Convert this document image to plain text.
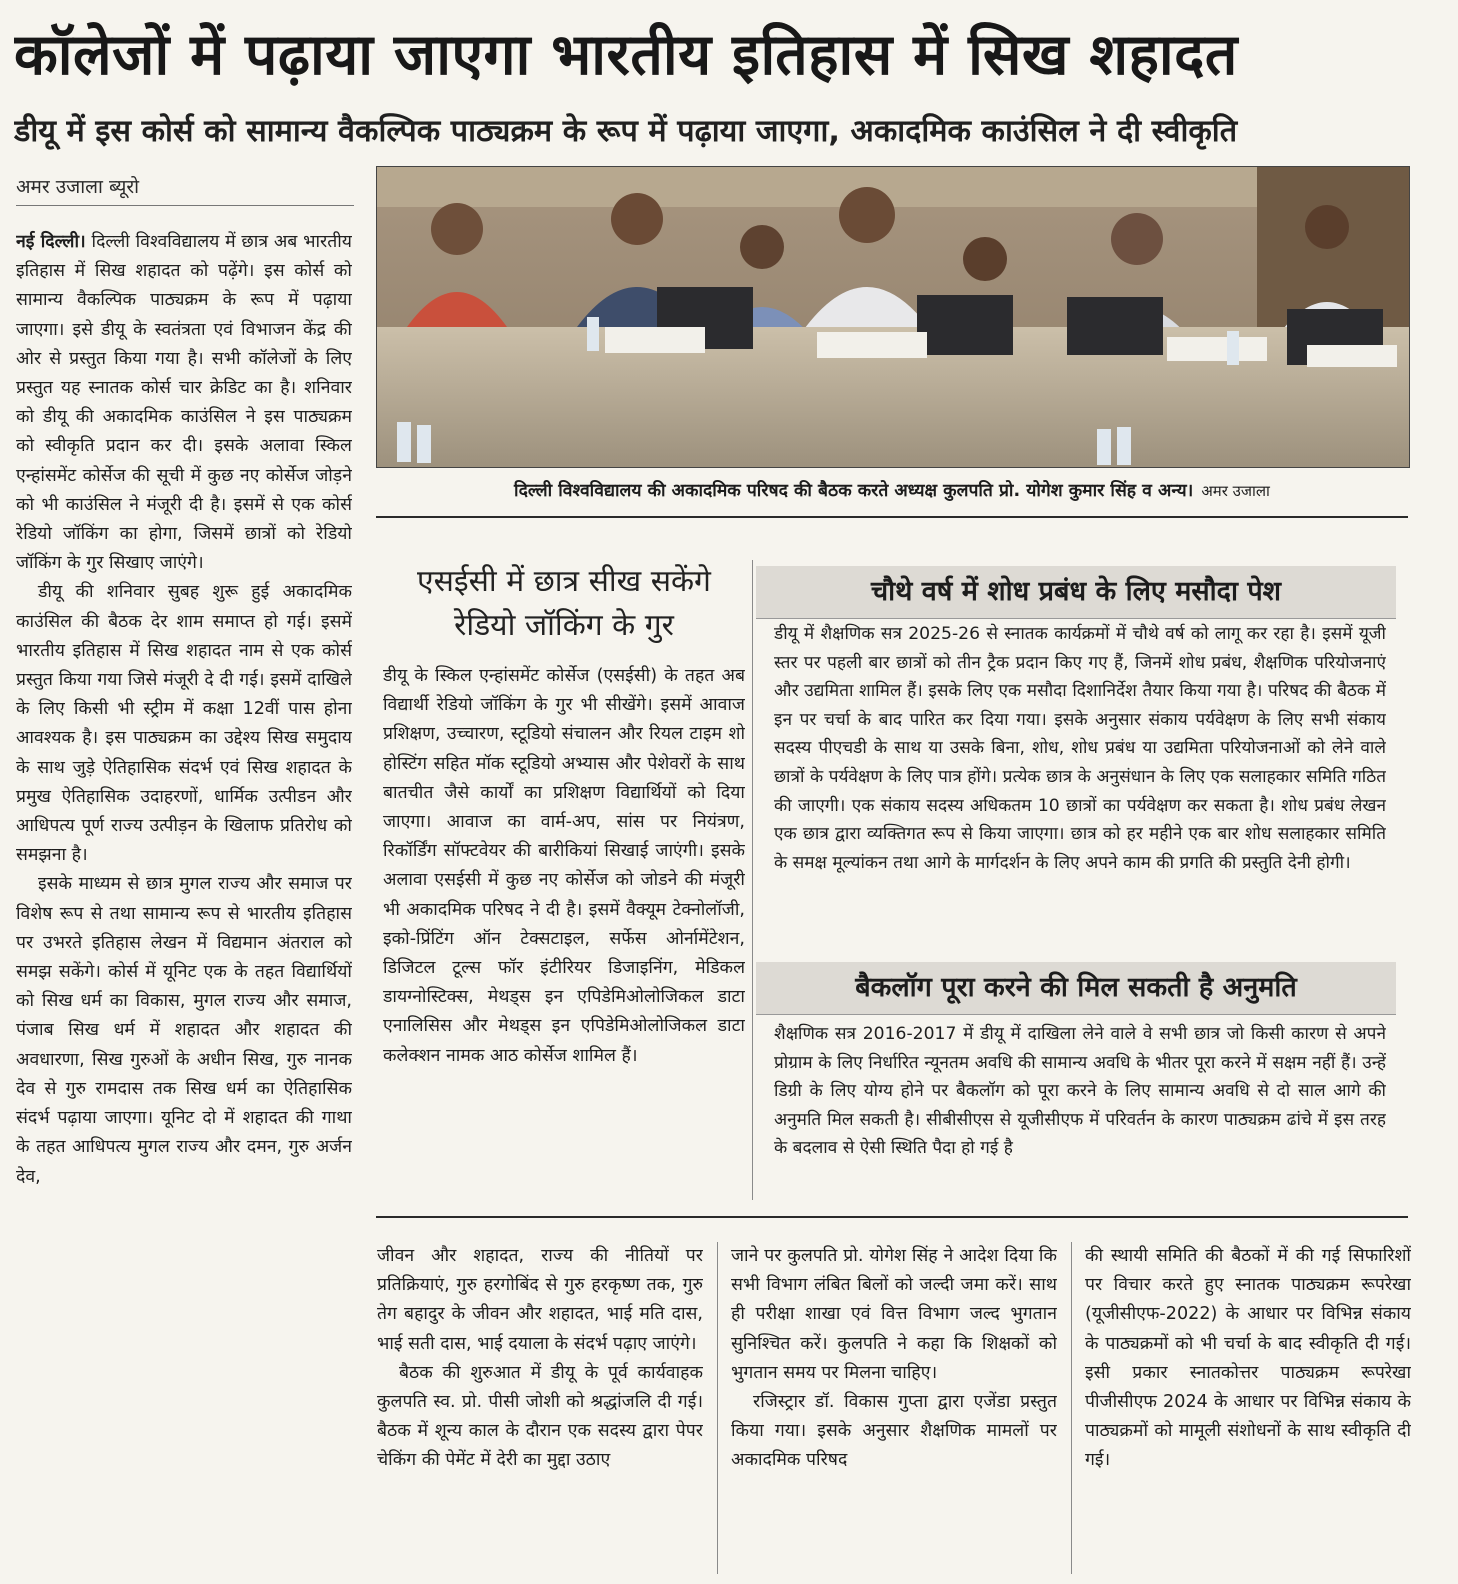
कॉलेजों में पढ़ाया जाएगा भारतीय इतिहास में सिख शहादत
डीयू में इस कोर्स को सामान्य वैकल्पिक पाठ्यक्रम के रूप में पढ़ाया जाएगा, अकादमिक काउंसिल ने दी स्वीकृति
अमर उजाला ब्यूरो

नई दिल्ली। दिल्ली विश्वविद्यालय में छात्र अब भारतीय इतिहास में सिख शहादत को पढ़ेंगे। इस कोर्स को सामान्य वैकल्पिक पाठ्यक्रम के रूप में पढ़ाया जाएगा। इसे डीयू के स्वतंत्रता एवं विभाजन केंद्र की ओर से प्रस्तुत किया गया है। सभी कॉलेजों के लिए प्रस्तुत यह स्नातक कोर्स चार क्रेडिट का है। शनिवार को डीयू की अकादमिक काउंसिल ने इस पाठ्यक्रम को स्वीकृति प्रदान कर दी। इसके अलावा स्किल एन्हांसमेंट कोर्सेज की सूची में कुछ नए कोर्सेज जोड़ने को भी काउंसिल ने मंजूरी दी है। इसमें से एक कोर्स रेडियो जॉकिंग का होगा, जिसमें छात्रों को रेडियो जॉकिंग के गुर सिखाए जाएंगे।

डीयू की शनिवार सुबह शुरू हुई अकादमिक काउंसिल की बैठक देर शाम समाप्त हो गई। इसमें भारतीय इतिहास में सिख शहादत नाम से एक कोर्स प्रस्तुत किया गया जिसे मंजूरी दे दी गई। इसमें दाखिले के लिए किसी भी स्ट्रीम में कक्षा 12वीं पास होना आवश्यक है। इस पाठ्यक्रम का उद्देश्य सिख समुदाय के साथ जुड़े ऐतिहासिक संदर्भ एवं सिख शहादत के प्रमुख ऐतिहासिक उदाहरणों, धार्मिक उत्पीडन और आधिपत्य पूर्ण राज्य उत्पीड़न के खिलाफ प्रतिरोध को समझना है।

इसके माध्यम से छात्र मुगल राज्य और समाज पर विशेष रूप से तथा सामान्य रूप से भारतीय इतिहास पर उभरते इतिहास लेखन में विद्यमान अंतराल को समझ सकेंगे। कोर्स में यूनिट एक के तहत विद्यार्थियों को सिख धर्म का विकास, मुगल राज्य और समाज, पंजाब सिख धर्म में शहादत और शहादत की अवधारणा, सिख गुरुओं के अधीन सिख, गुरु नानक देव से गुरु रामदास तक सिख धर्म का ऐतिहासिक संदर्भ पढ़ाया जाएगा। यूनिट दो में शहादत की गाथा के तहत आधिपत्य मुगल राज्य और दमन, गुरु अर्जन देव,

दिल्ली विश्वविद्यालय की अकादमिक परिषद की बैठक करते अध्यक्ष कुलपति प्रो. योगेश कुमार सिंह व अन्य। अमर उजाला
एसईसी में छात्र सीख सकेंगे रेडियो जॉकिंग के गुर

डीयू के स्किल एन्हांसमेंट कोर्सेज (एसईसी) के तहत अब विद्यार्थी रेडियो जॉकिंग के गुर भी सीखेंगे। इसमें आवाज प्रशिक्षण, उच्चारण, स्टूडियो संचालन और रियल टाइम शो होस्टिंग सहित मॉक स्टूडियो अभ्यास और पेशेवरों के साथ बातचीत जैसे कार्यों का प्रशिक्षण विद्यार्थियों को दिया जाएगा। आवाज का वार्म-अप, सांस पर नियंत्रण, रिकॉर्डिंग सॉफ्टवेयर की बारीकियां सिखाई जाएंगी। इसके अलावा एसईसी में कुछ नए कोर्सेज को जोडने की मंजूरी भी अकादमिक परिषद ने दी है। इसमें वैक्यूम टेक्नोलॉजी, इको-प्रिंटिंग ऑन टेक्सटाइल, सर्फेस ओर्नामेंटेशन, डिजिटल टूल्स फॉर इंटीरियर डिजाइनिंग, मेडिकल डायग्नोस्टिक्स, मेथड्स इन एपिडेमिओलोजिकल डाटा एनालिसिस और मेथड्स इन एपिडेमिओलोजिकल डाटा कलेक्शन नामक आठ कोर्सेज शामिल हैं।

चौथे वर्ष में शोध प्रबंध के लिए मसौदा पेश

डीयू में शैक्षणिक सत्र 2025-26 से स्नातक कार्यक्रमों में चौथे वर्ष को लागू कर रहा है। इसमें यूजी स्तर पर पहली बार छात्रों को तीन ट्रैक प्रदान किए गए हैं, जिनमें शोध प्रबंध, शैक्षणिक परियोजनाएं और उद्यमिता शामिल हैं। इसके लिए एक मसौदा दिशानिर्देश तैयार किया गया है। परिषद की बैठक में इन पर चर्चा के बाद पारित कर दिया गया। इसके अनुसार संकाय पर्यवेक्षण के लिए सभी संकाय सदस्य पीएचडी के साथ या उसके बिना, शोध, शोध प्रबंध या उद्यमिता परियोजनाओं को लेने वाले छात्रों के पर्यवेक्षण के लिए पात्र होंगे। प्रत्येक छात्र के अनुसंधान के लिए एक सलाहकार समिति गठित की जाएगी। एक संकाय सदस्य अधिकतम 10 छात्रों का पर्यवेक्षण कर सकता है। शोध प्रबंध लेखन एक छात्र द्वारा व्यक्तिगत रूप से किया जाएगा। छात्र को हर महीने एक बार शोध सलाहकार समिति के समक्ष मूल्यांकन तथा आगे के मार्गदर्शन के लिए अपने काम की प्रगति की प्रस्तुति देनी होगी।

बैकलॉग पूरा करने की मिल सकती है अनुमति

शैक्षणिक सत्र 2016-2017 में डीयू में दाखिला लेने वाले वे सभी छात्र जो किसी कारण से अपने प्रोग्राम के लिए निर्धारित न्यूनतम अवधि की सामान्य अवधि के भीतर पूरा करने में सक्षम नहीं हैं। उन्हें डिग्री के लिए योग्य होने पर बैकलॉग को पूरा करने के लिए सामान्य अवधि से दो साल आगे की अनुमति मिल सकती है। सीबीसीएस से यूजीसीएफ में परिवर्तन के कारण पाठ्यक्रम ढांचे में इस तरह के बदलाव से ऐसी स्थिति पैदा हो गई है

जीवन और शहादत, राज्य की नीतियों पर प्रतिक्रियाएं, गुरु हरगोबिंद से गुरु हरकृष्ण तक, गुरु तेग बहादुर के जीवन और शहादत, भाई मति दास, भाई सती दास, भाई दयाला के संदर्भ पढ़ाए जाएंगे।

बैठक की शुरुआत में डीयू के पूर्व कार्यवाहक कुलपति स्व. प्रो. पीसी जोशी को श्रद्धांजलि दी गई। बैठक में शून्य काल के दौरान एक सदस्य द्वारा पेपर चेकिंग की पेमेंट में देरी का मुद्दा उठाए

जाने पर कुलपति प्रो. योगेश सिंह ने आदेश दिया कि सभी विभाग लंबित बिलों को जल्दी जमा करें। साथ ही परीक्षा शाखा एवं वित्त विभाग जल्द भुगतान सुनिश्चित करें। कुलपति ने कहा कि शिक्षकों को भुगतान समय पर मिलना चाहिए।

रजिस्ट्रार डॉ. विकास गुप्ता द्वारा एजेंडा प्रस्तुत किया गया। इसके अनुसार शैक्षणिक मामलों पर अकादमिक परिषद

की स्थायी समिति की बैठकों में की गई सिफारिशों पर विचार करते हुए स्नातक पाठ्यक्रम रूपरेखा (यूजीसीएफ-2022) के आधार पर विभिन्न संकाय के पाठ्यक्रमों को भी चर्चा के बाद स्वीकृति दी गई। इसी प्रकार स्नातकोत्तर पाठ्यक्रम रूपरेखा पीजीसीएफ 2024 के आधार पर विभिन्न संकाय के पाठ्यक्रमों को मामूली संशोधनों के साथ स्वीकृति दी गई।
